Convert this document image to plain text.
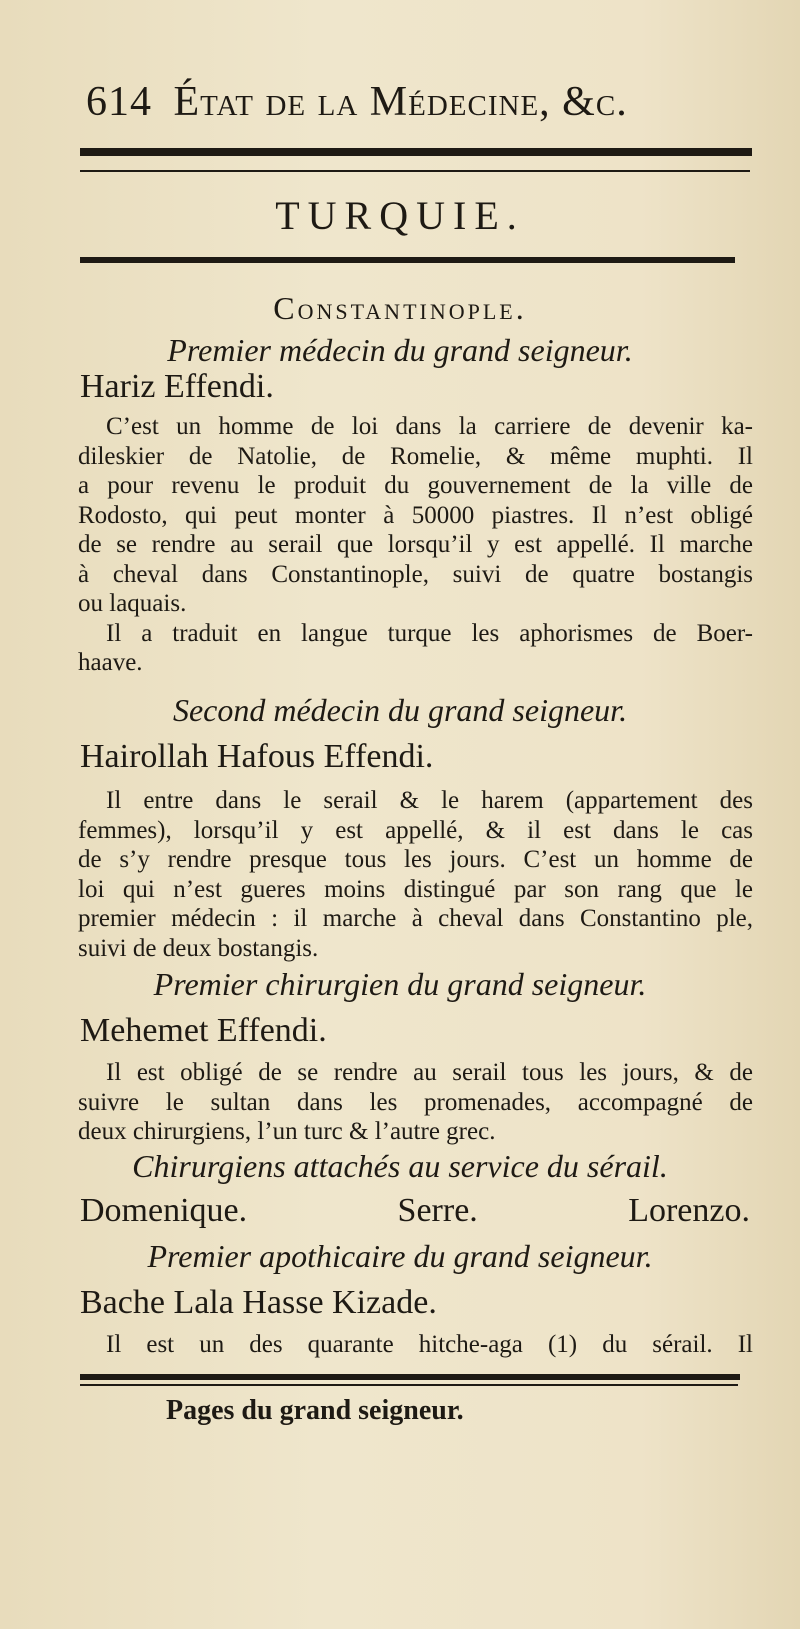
614 État de la Médecine, &c.
TURQUIE.
Constantinople.
Premier médecin du grand seigneur.
Hariz Effendi.
C’est un homme de loi dans la carriere de devenir ka-
dileskier de Natolie, de Romelie, & même muphti. Il
a pour revenu le produit du gouvernement de la ville de
Rodosto, qui peut monter à 50000 piastres. Il n’est obligé
de se rendre au serail que lorsqu’il y est appellé. Il marche
à cheval dans Constantinople, suivi de quatre bostangis
ou laquais.
Il a traduit en langue turque les aphorismes de Boer-
haave.
Second médecin du grand seigneur.
Hairollah Hafous Effendi.
Il entre dans le serail & le harem (appartement des
femmes), lorsqu’il y est appellé, & il est dans le cas
de s’y rendre presque tous les jours. C’est un homme de
loi qui n’est gueres moins distingué par son rang que le
premier médecin : il marche à cheval dans Constantino ple,
suivi de deux bostangis.
Premier chirurgien du grand seigneur.
Mehemet Effendi.
Il est obligé de se rendre au serail tous les jours, & de
suivre le sultan dans les promenades, accompagné de
deux chirurgiens, l’un turc & l’autre grec.
Chirurgiens attachés au service du sérail.
Domenique.	Serre.	Lorenzo.
Premier apothicaire du grand seigneur.
Bache Lala Hasse Kizade.
Il est un des quarante hitche-aga (1) du sérail. Il
Pages du grand seigneur.
